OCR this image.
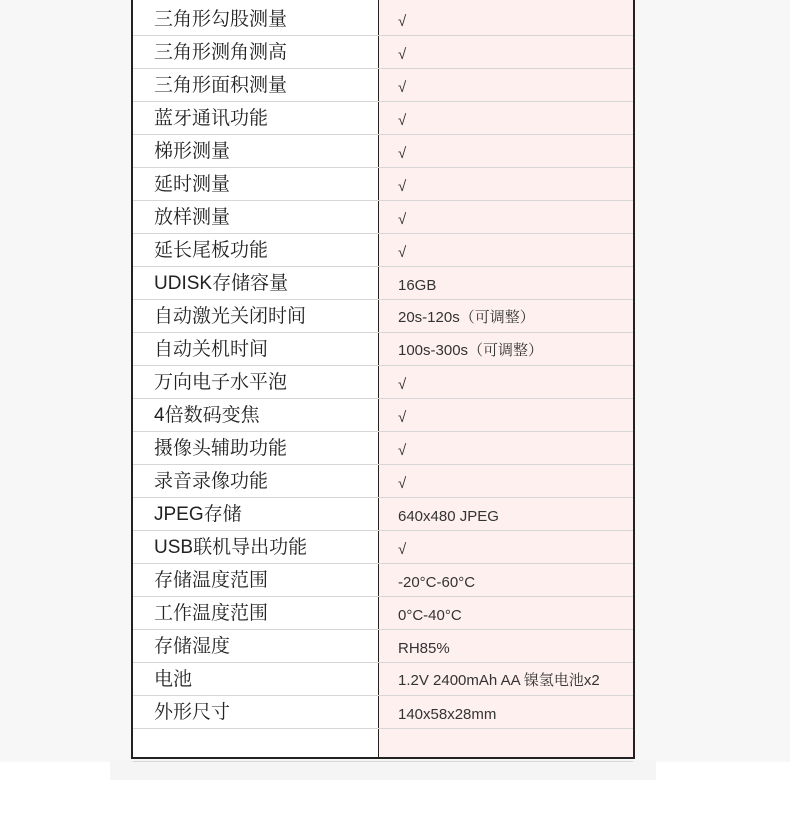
三角形勾股测量	√
三角形测角测高	√
三角形面积测量	√
蓝牙通讯功能	√
梯形测量	√
延时测量	√
放样测量	√
延长尾板功能	√
UDISK存储容量	16GB
自动激光关闭时间	20s-120s（可调整）
自动关机时间	100s-300s（可调整）
万向电子水平泡	√
4倍数码变焦	√
摄像头辅助功能	√
录音录像功能	√
JPEG存储	640x480 JPEG
USB联机导出功能	√
存储温度范围	-20°C-60°C
工作温度范围	0°C-40°C
存储湿度	RH85%
电池	1.2V 2400mAh AA 镍氢电池x2
外形尺寸	140x58x28mm
